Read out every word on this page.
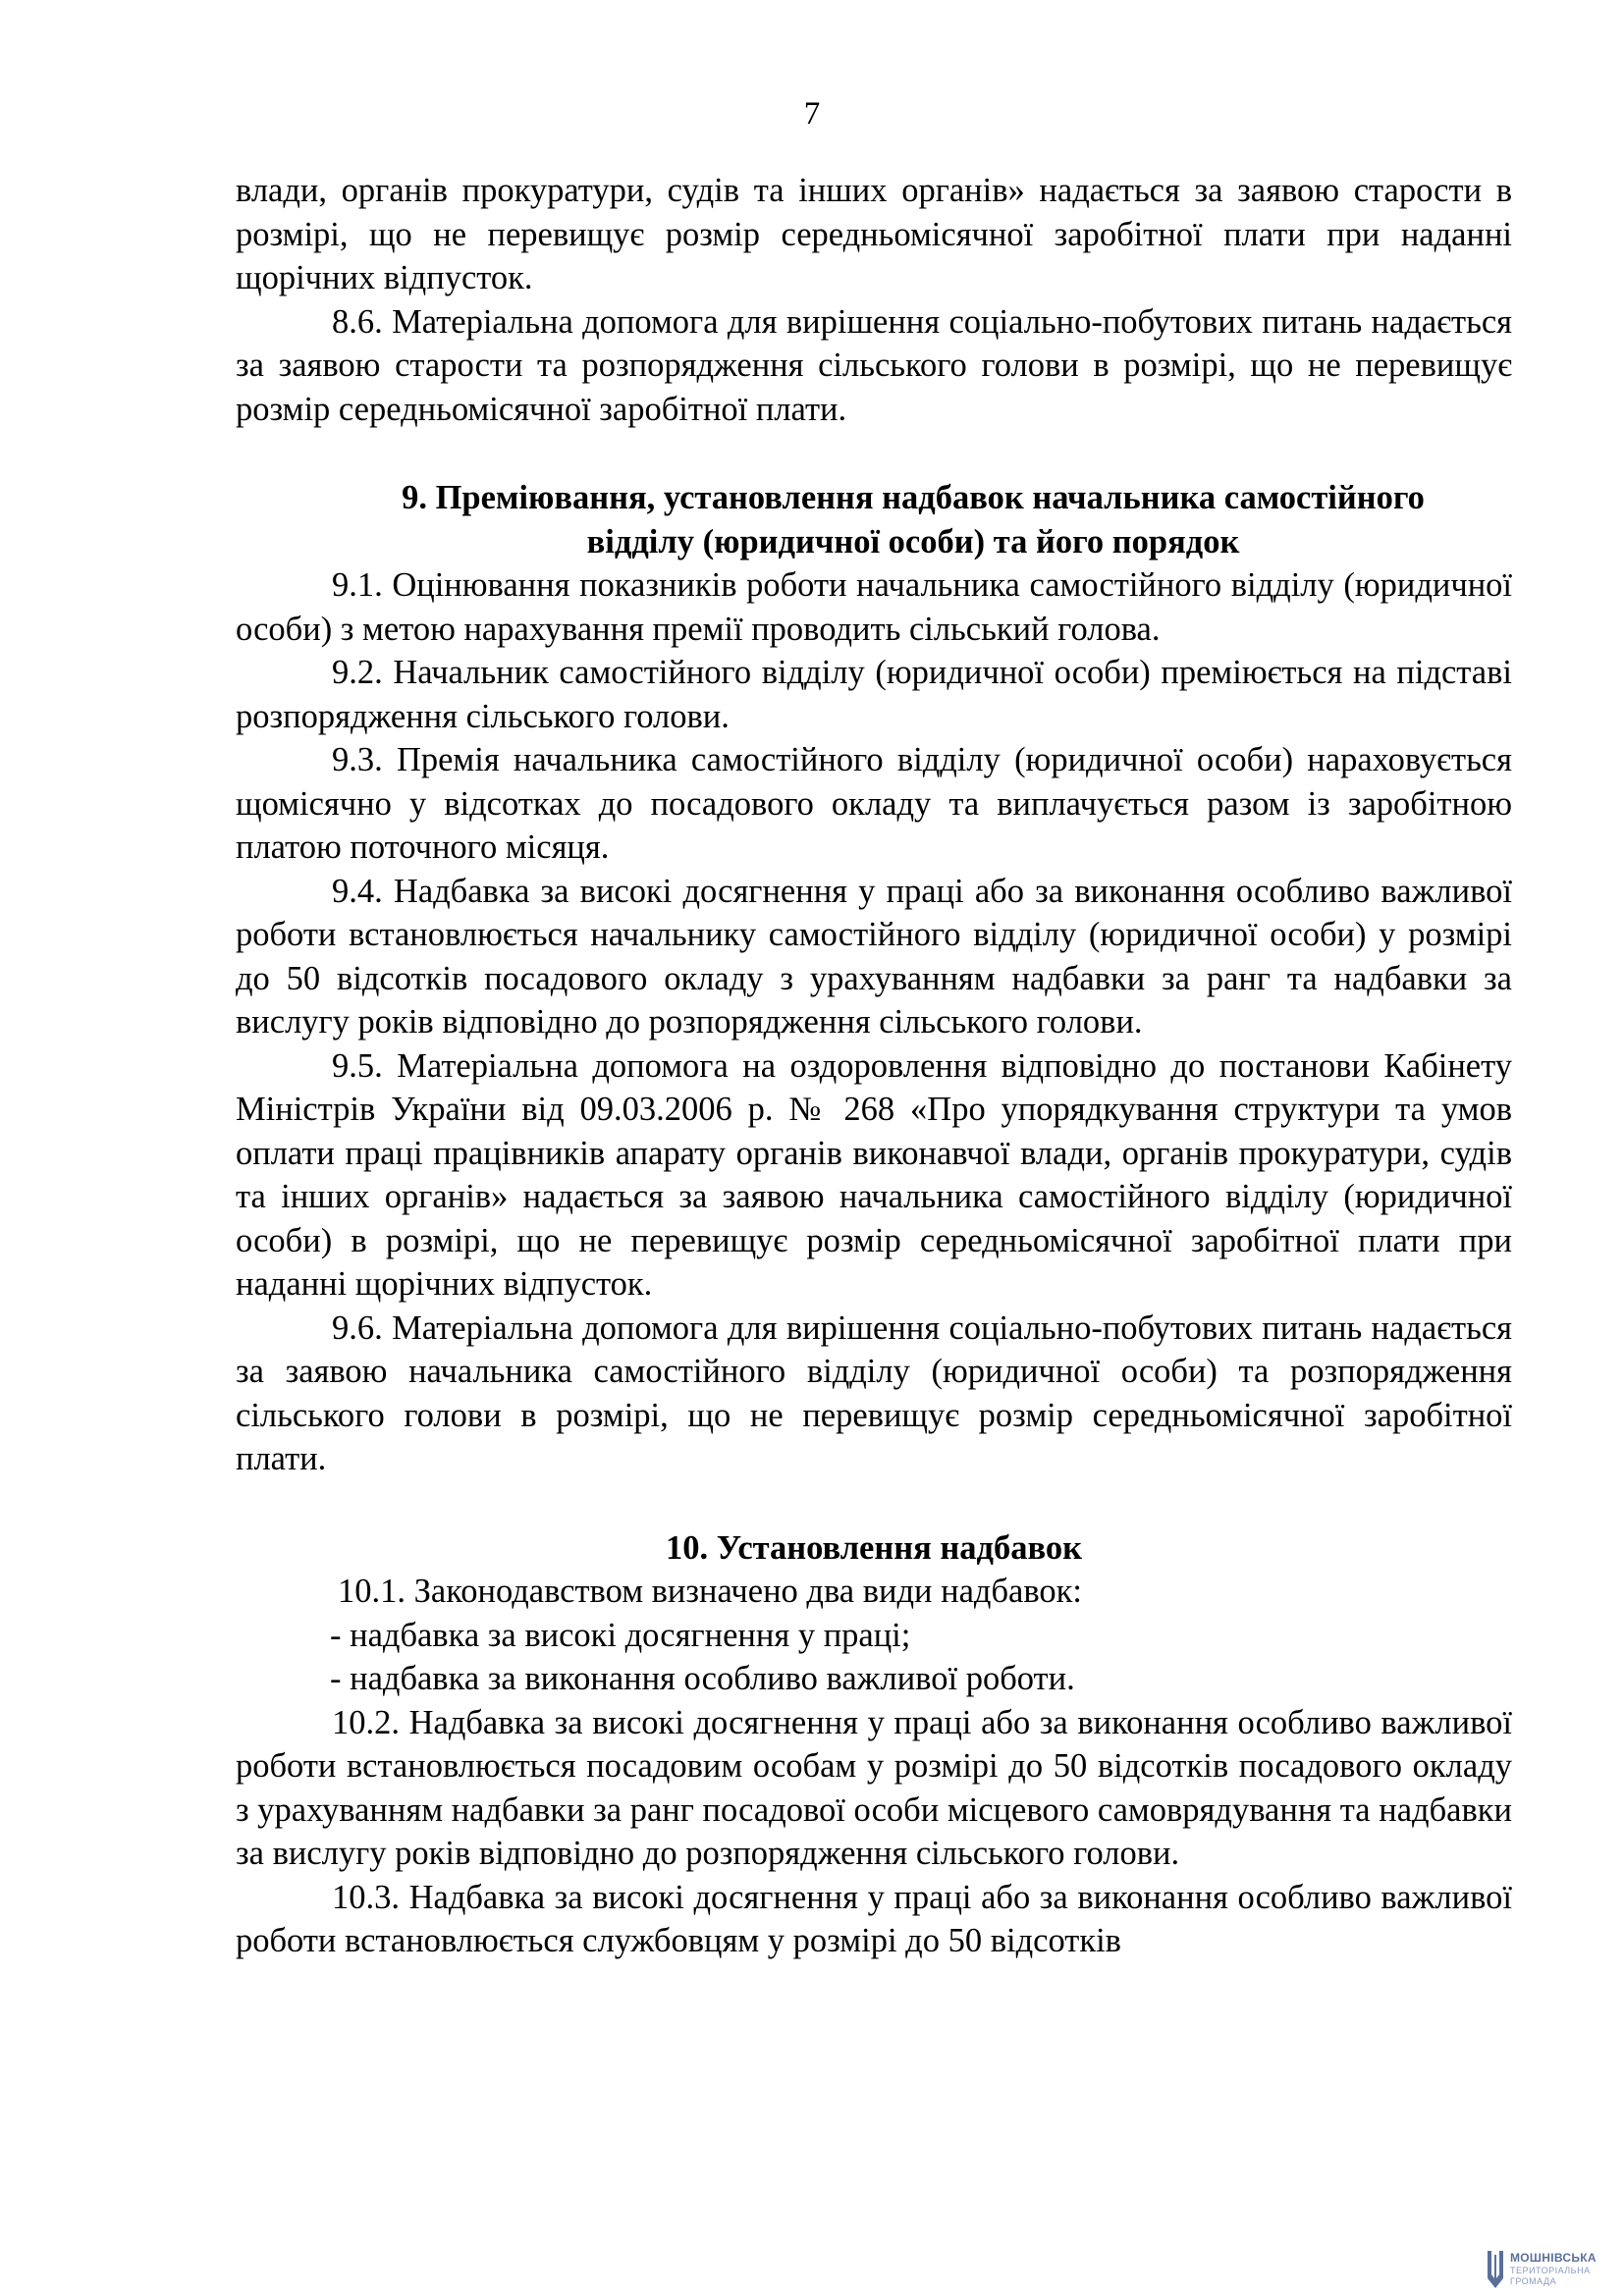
7
влади, органів прокуратури, судів та інших органів» надається за заявою старости в розмірі, що не перевищує розмір середньомісячної заробітної плати при наданні щорічних відпусток.
8.6. Матеріальна допомога для вирішення соціально-побутових питань надається за заявою старости та розпорядження сільського голови в розмірі, що не перевищує розмір середньомісячної заробітної плати.
9. Преміювання, установлення надбавок начальника самостійного
відділу (юридичної особи) та його порядок
9.1. Оцінювання показників роботи начальника самостійного відділу (юридичної особи) з метою нарахування премії проводить сільський голова.
9.2. Начальник самостійного відділу (юридичної особи) преміюється на підставі розпорядження сільського голови.
9.3. Премія начальника самостійного відділу (юридичної особи) нараховується щомісячно у відсотках до посадового окладу та виплачується разом із заробітною платою поточного місяця.
9.4. Надбавка за високі досягнення у праці або за виконання особливо важливої роботи встановлюється начальнику самостійного відділу (юридичної особи) у розмірі до 50 відсотків посадового окладу з урахуванням надбавки за ранг та надбавки за вислугу років відповідно до розпорядження сільського голови.
9.5. Матеріальна допомога на оздоровлення відповідно до постанови Кабінету Міністрів України від 09.03.2006 р. № 268 «Про упорядкування структури та умов оплати праці працівників апарату органів виконавчої влади, органів прокуратури, судів та інших органів» надається за заявою начальника самостійного відділу (юридичної особи) в розмірі, що не перевищує розмір середньомісячної заробітної плати при наданні щорічних відпусток.
9.6. Матеріальна допомога для вирішення соціально-побутових питань надається за заявою начальника самостійного відділу (юридичної особи) та розпорядження сільського голови в розмірі, що не перевищує розмір середньомісячної заробітної плати.
10. Установлення надбавок
10.1. Законодавством визначено два види надбавок:
- надбавка за високі досягнення у праці;
- надбавка за виконання особливо важливої роботи.
10.2. Надбавка за високі досягнення у праці або за виконання особливо важливої роботи встановлюється посадовим особам у розмірі до 50 відсотків посадового окладу з урахуванням надбавки за ранг посадової особи місцевого самоврядування та надбавки за вислугу років відповідно до розпорядження сільського голови.
10.3. Надбавка за високі досягнення у праці або за виконання особливо важливої роботи встановлюється службовцям у розмірі до 50 відсотків
МОШНІВСЬКА
ТЕРИТОРІАЛЬНА
ГРОМАДА
